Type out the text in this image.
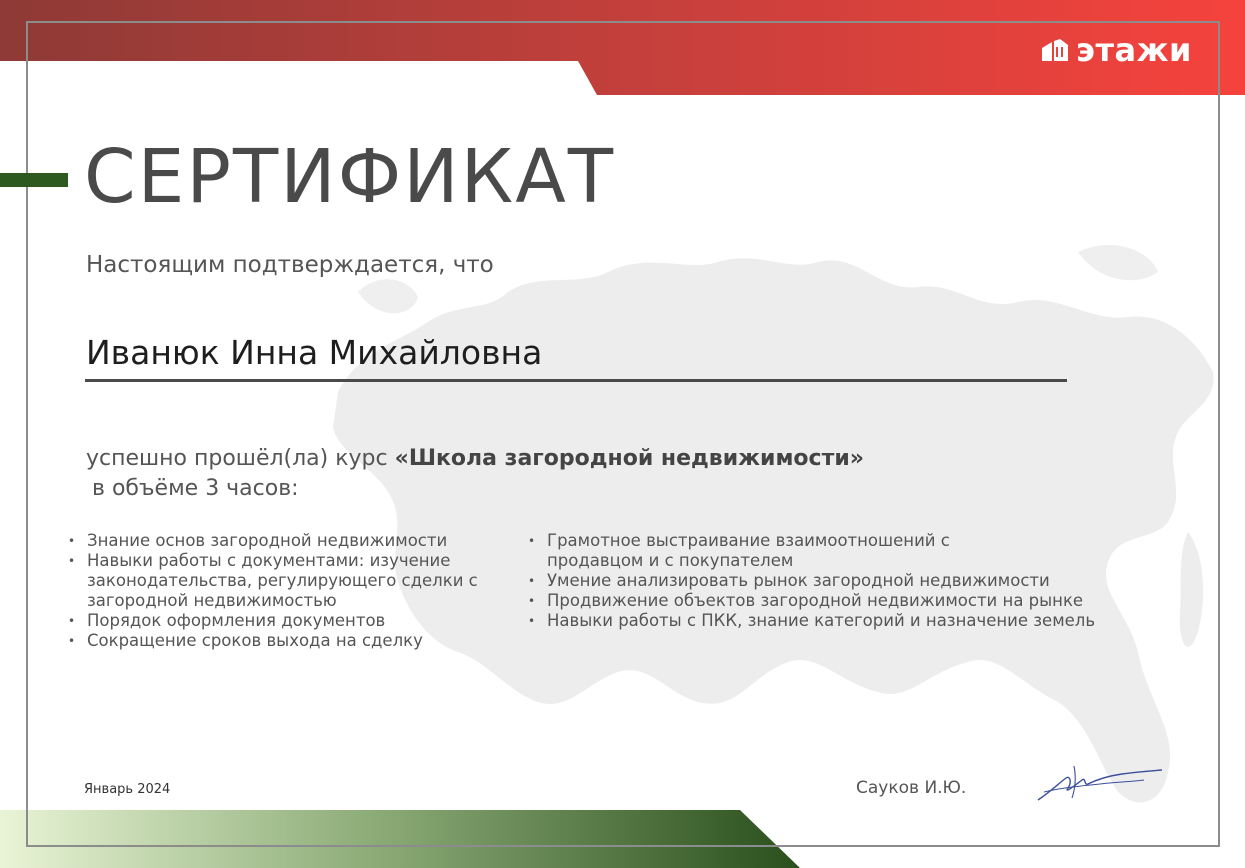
этажи
СЕРТИФИКАТ
Настоящим подтверждается, что
Иванюк Инна Михайловна
успешно прошёл(ла) курс «Школа загородной недвижимости»
в объёме 3 часов:
• Знание основ загородной недвижимости
• Навыки работы с документами: изучение законодательства, регулирующего сделки с загородной недвижимостью
• Порядок оформления документов
• Сокращение сроков выхода на сделку
• Грамотное выстраивание взаимоотношений с продавцом и с покупателем
• Умение анализировать рынок загородной недвижимости
• Продвижение объектов загородной недвижимости на рынке
• Навыки работы с ПКК, знание категорий и назначение земель
Январь 2024	Сауков И.Ю.
